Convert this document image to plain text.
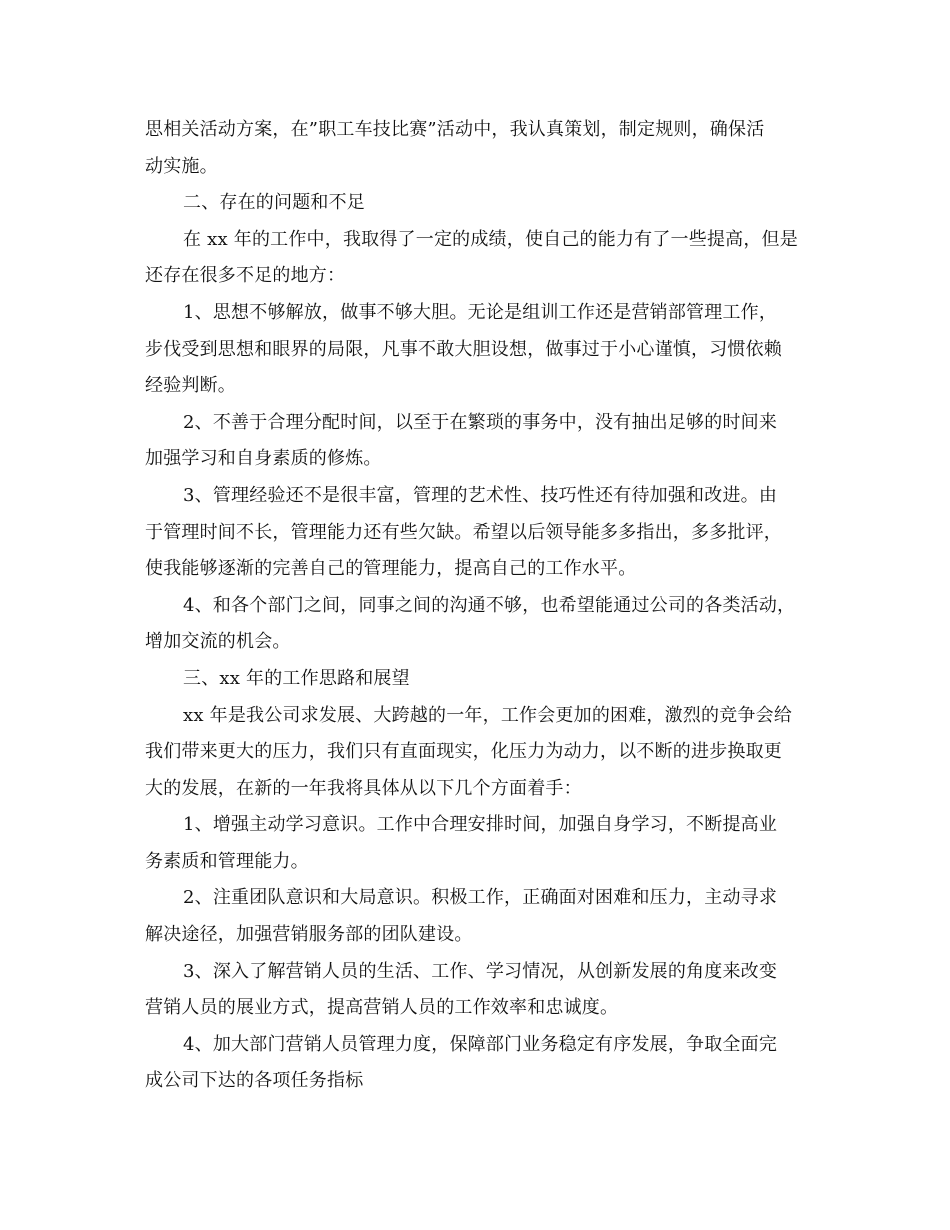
思相关活动方案，在”职工车技比赛”活动中，我认真策划，制定规则，确保活
动实施。

二、存在的问题和不足

在 xx 年的工作中，我取得了一定的成绩，使自己的能力有了一些提高，但是
还存在很多不足的地方：

1、思想不够解放，做事不够大胆。无论是组训工作还是营销部管理工作，
步伐受到思想和眼界的局限，凡事不敢大胆设想，做事过于小心谨慎，习惯依赖
经验判断。

2、不善于合理分配时间，以至于在繁琐的事务中，没有抽出足够的时间来
加强学习和自身素质的修炼。

3、管理经验还不是很丰富，管理的艺术性、技巧性还有待加强和改进。由
于管理时间不长，管理能力还有些欠缺。希望以后领导能多多指出，多多批评，
使我能够逐渐的完善自己的管理能力，提高自己的工作水平。

4、和各个部门之间，同事之间的沟通不够，也希望能通过公司的各类活动，
增加交流的机会。

三、xx 年的工作思路和展望

xx 年是我公司求发展、大跨越的一年，工作会更加的困难，激烈的竞争会给
我们带来更大的压力，我们只有直面现实，化压力为动力，以不断的进步换取更
大的发展，在新的一年我将具体从以下几个方面着手：

1、增强主动学习意识。工作中合理安排时间，加强自身学习，不断提高业
务素质和管理能力。

2、注重团队意识和大局意识。积极工作，正确面对困难和压力，主动寻求
解决途径，加强营销服务部的团队建设。

3、深入了解营销人员的生活、工作、学习情况，从创新发展的角度来改变
营销人员的展业方式，提高营销人员的工作效率和忠诚度。

4、加大部门营销人员管理力度，保障部门业务稳定有序发展，争取全面完
成公司下达的各项任务指标
